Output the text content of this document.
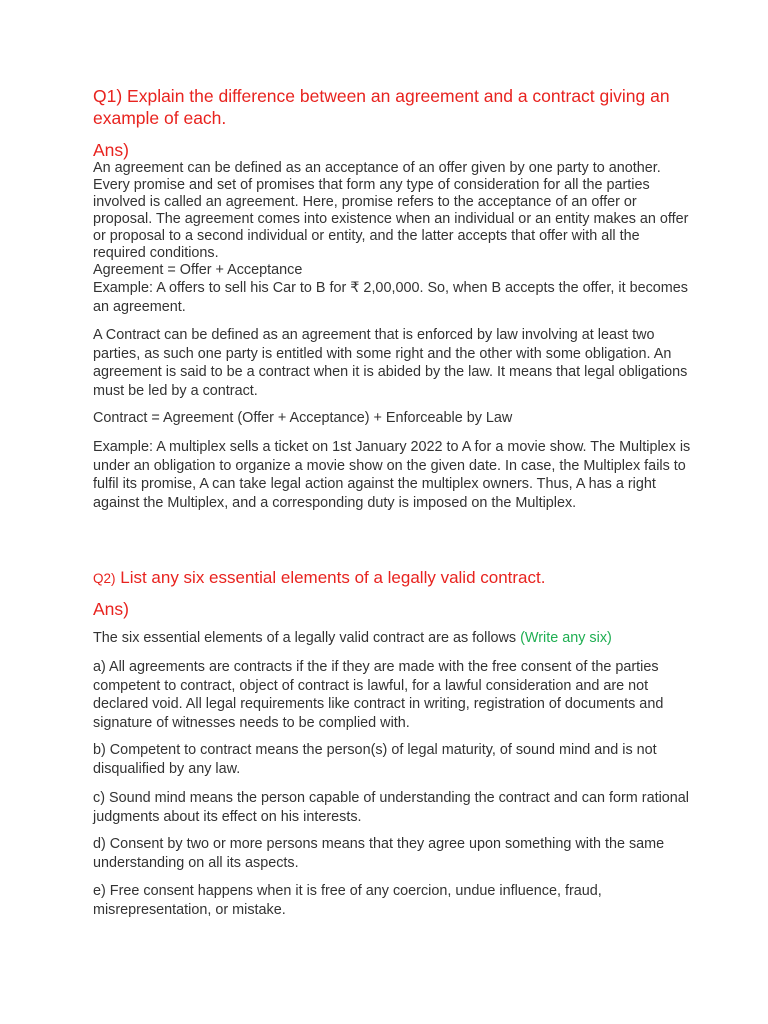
Q1) Explain the difference between an agreement and a contract giving an example of each.
Ans)
An agreement can be defined as an acceptance of an offer given by one party to another. Every promise and set of promises that form any type of consideration for all the parties involved is called an agreement. Here, promise refers to the acceptance of an offer or proposal. The agreement comes into existence when an individual or an entity makes an offer or proposal to a second individual or entity, and the latter accepts that offer with all the required conditions.
Agreement = Offer + Acceptance
Example: A offers to sell his Car to B for ₹ 2,00,000. So, when B accepts the offer, it becomes an agreement.
A Contract can be defined as an agreement that is enforced by law involving at least two parties, as such one party is entitled with some right and the other with some obligation. An agreement is said to be a contract when it is abided by the law. It means that legal obligations must be led by a contract.
Contract = Agreement (Offer + Acceptance) + Enforceable by Law
Example: A multiplex sells a ticket on 1st January 2022 to A for a movie show. The Multiplex is under an obligation to organize a movie show on the given date. In case, the Multiplex fails to fulfil its promise, A can take legal action against the multiplex owners. Thus, A has a right against the Multiplex, and a corresponding duty is imposed on the Multiplex.
Q2) List any six essential elements of a legally valid contract.
Ans)
The six essential elements of a legally valid contract are as follows (Write any six)
a) All agreements are contracts if the if they are made with the free consent of the parties competent to contract, object of contract is lawful, for a lawful consideration and are not declared void. All legal requirements like contract in writing, registration of documents and signature of witnesses needs to be complied with.
b) Competent to contract means the person(s) of legal maturity, of sound mind and is not disqualified by any law.
c) Sound mind means the person capable of understanding the contract and can form rational judgments about its effect on his interests.
d) Consent by two or more persons means that they agree upon something with the same understanding on all its aspects.
e) Free consent happens when it is free of any coercion, undue influence, fraud, misrepresentation, or mistake.
